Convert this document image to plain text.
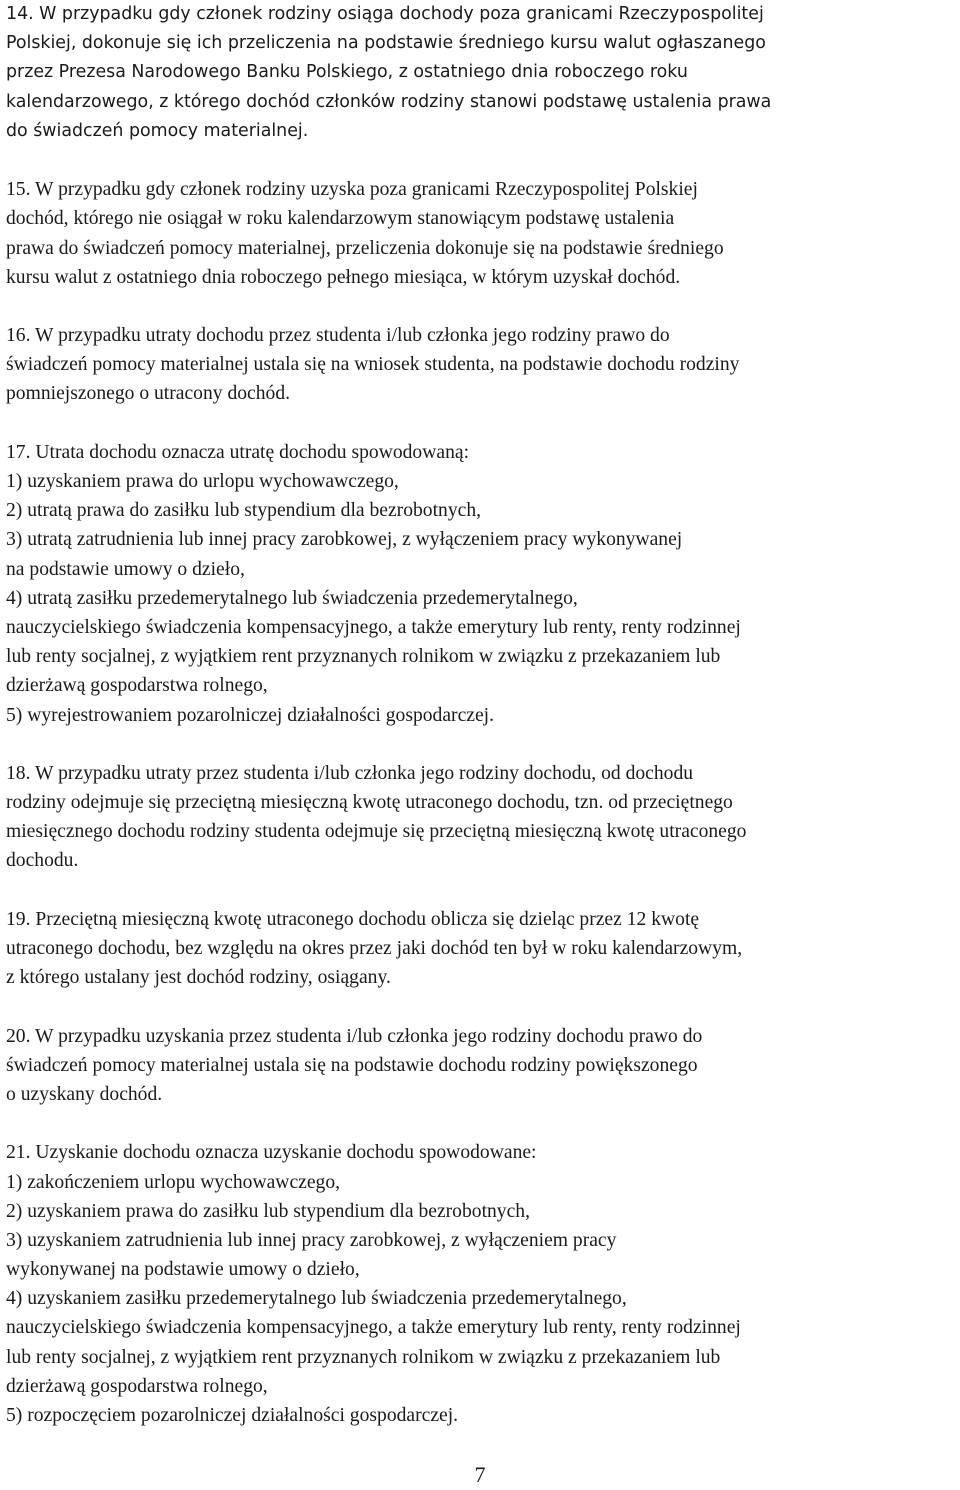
14. W przypadku gdy członek rodziny osiąga dochody poza granicami Rzeczypospolitej
Polskiej, dokonuje się ich przeliczenia na podstawie średniego kursu walut ogłaszanego
przez Prezesa Narodowego Banku Polskiego, z ostatniego dnia roboczego roku
kalendarzowego, z którego dochód członków rodziny stanowi podstawę ustalenia prawa
do świadczeń pomocy materialnej.
15. W przypadku gdy członek rodziny uzyska poza granicami Rzeczypospolitej Polskiej
dochód, którego nie osiągał w roku kalendarzowym stanowiącym podstawę ustalenia
prawa do świadczeń pomocy materialnej, przeliczenia dokonuje się na podstawie średniego
kursu walut z ostatniego dnia roboczego pełnego miesiąca, w którym uzyskał dochód.
16. W przypadku utraty dochodu przez studenta i/lub członka jego rodziny prawo do
świadczeń pomocy materialnej ustala się na wniosek studenta, na podstawie dochodu rodziny
pomniejszonego o utracony dochód.
17. Utrata dochodu oznacza utratę dochodu spowodowaną:
1) uzyskaniem prawa do urlopu wychowawczego,
2) utratą prawa do zasiłku lub stypendium dla bezrobotnych,
3) utratą zatrudnienia lub innej pracy zarobkowej, z wyłączeniem pracy wykonywanej
na podstawie umowy o dzieło,
4) utratą zasiłku przedemerytalnego lub świadczenia przedemerytalnego,
nauczycielskiego świadczenia kompensacyjnego, a także emerytury lub renty, renty rodzinnej
lub renty socjalnej, z wyjątkiem rent przyznanych rolnikom w związku z przekazaniem lub
dzierżawą gospodarstwa rolnego,
5) wyrejestrowaniem pozarolniczej działalności gospodarczej.
18. W przypadku utraty przez studenta i/lub członka jego rodziny dochodu, od dochodu
rodziny odejmuje się przeciętną miesięczną kwotę utraconego dochodu, tzn. od przeciętnego
miesięcznego dochodu rodziny studenta odejmuje się przeciętną miesięczną kwotę utraconego
dochodu.
19. Przeciętną miesięczną kwotę utraconego dochodu oblicza się dzieląc przez 12 kwotę
utraconego dochodu, bez względu na okres przez jaki dochód ten był w roku kalendarzowym,
z którego ustalany jest dochód rodziny, osiągany.
20. W przypadku uzyskania przez studenta i/lub członka jego rodziny dochodu prawo do
świadczeń pomocy materialnej ustala się na podstawie dochodu rodziny powiększonego
o uzyskany dochód.
21. Uzyskanie dochodu oznacza uzyskanie dochodu spowodowane:
1) zakończeniem urlopu wychowawczego,
2) uzyskaniem prawa do zasiłku lub stypendium dla bezrobotnych,
3) uzyskaniem zatrudnienia lub innej pracy zarobkowej, z wyłączeniem pracy
wykonywanej na podstawie umowy o dzieło,
4) uzyskaniem zasiłku przedemerytalnego lub świadczenia przedemerytalnego,
nauczycielskiego świadczenia kompensacyjnego, a także emerytury lub renty, renty rodzinnej
lub renty socjalnej, z wyjątkiem rent przyznanych rolnikom w związku z przekazaniem lub
dzierżawą gospodarstwa rolnego,
5) rozpoczęciem pozarolniczej działalności gospodarczej.
7
